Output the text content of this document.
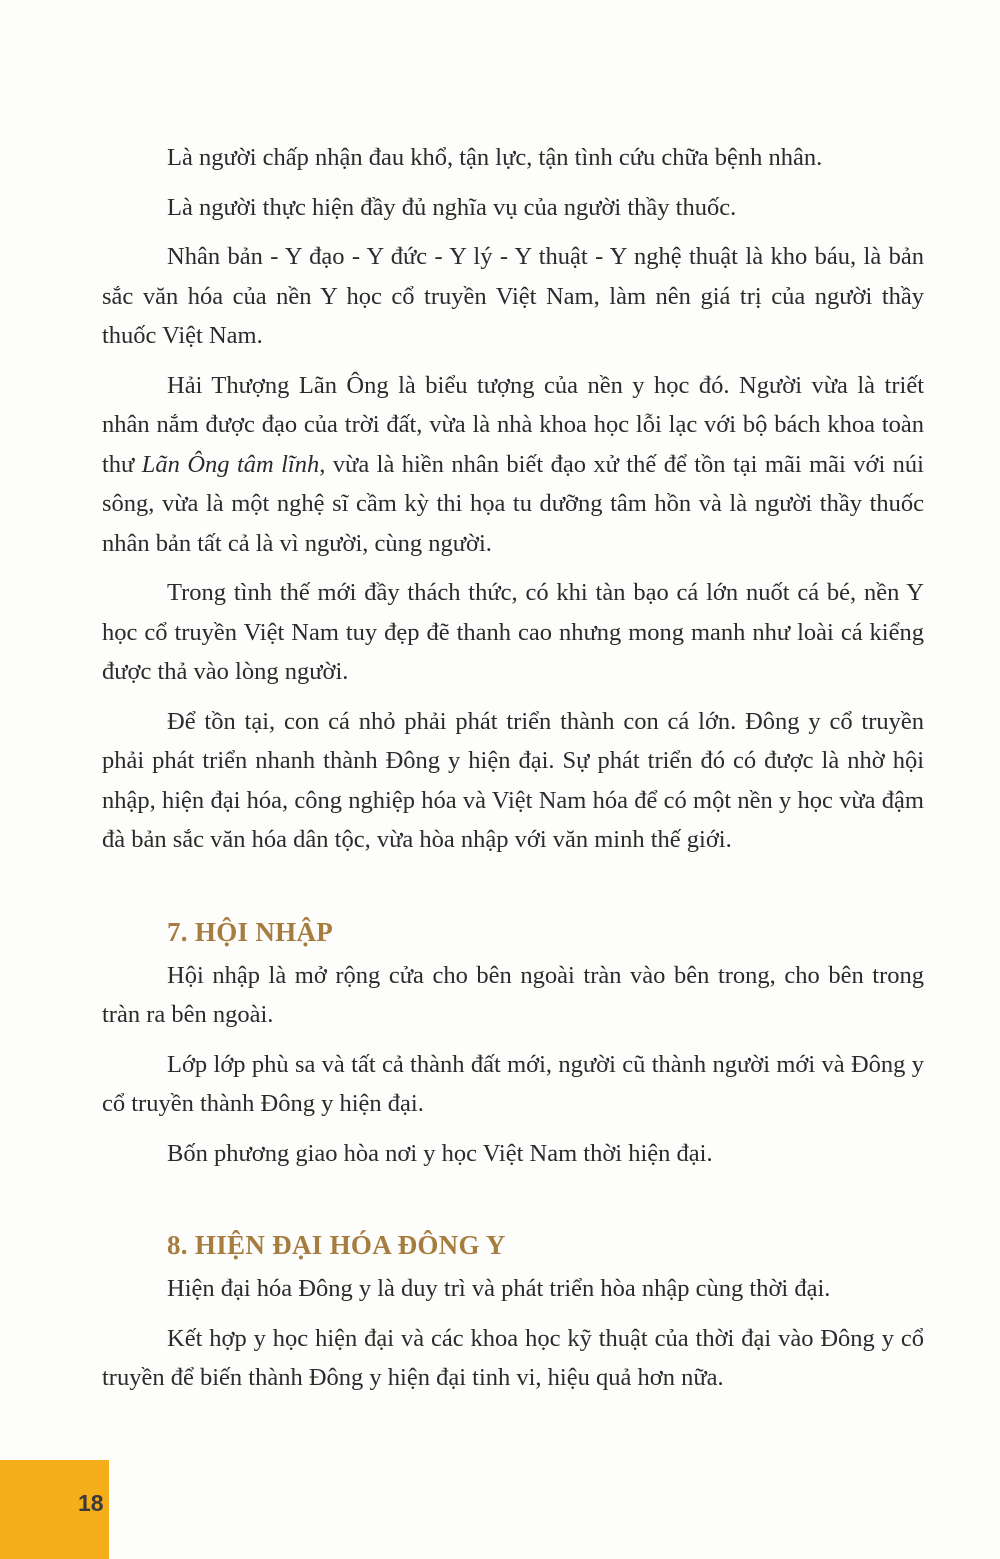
Là người chấp nhận đau khổ, tận lực, tận tình cứu chữa bệnh nhân.

Là người thực hiện đầy đủ nghĩa vụ của người thầy thuốc.

Nhân bản - Y đạo - Y đức - Y lý - Y thuật - Y nghệ thuật là kho báu, là bản sắc văn hóa của nền Y học cổ truyền Việt Nam, làm nên giá trị của người thầy thuốc Việt Nam.

Hải Thượng Lãn Ông là biểu tượng của nền y học đó. Người vừa là triết nhân nắm được đạo của trời đất, vừa là nhà khoa học lỗi lạc với bộ bách khoa toàn thư Lãn Ông tâm lĩnh, vừa là hiền nhân biết đạo xử thế để tồn tại mãi mãi với núi sông, vừa là một nghệ sĩ cầm kỳ thi họa tu dưỡng tâm hồn và là người thầy thuốc nhân bản tất cả là vì người, cùng người.

Trong tình thế mới đầy thách thức, có khi tàn bạo cá lớn nuốt cá bé, nền Y học cổ truyền Việt Nam tuy đẹp đẽ thanh cao nhưng mong manh như loài cá kiểng được thả vào lòng người.

Để tồn tại, con cá nhỏ phải phát triển thành con cá lớn. Đông y cổ truyền phải phát triển nhanh thành Đông y hiện đại. Sự phát triển đó có được là nhờ hội nhập, hiện đại hóa, công nghiệp hóa và Việt Nam hóa để có một nền y học vừa đậm đà bản sắc văn hóa dân tộc, vừa hòa nhập với văn minh thế giới.

7. HỘI NHẬP

Hội nhập là mở rộng cửa cho bên ngoài tràn vào bên trong, cho bên trong tràn ra bên ngoài.

Lớp lớp phù sa và tất cả thành đất mới, người cũ thành người mới và Đông y cổ truyền thành Đông y hiện đại.

Bốn phương giao hòa nơi y học Việt Nam thời hiện đại.

8. HIỆN ĐẠI HÓA ĐÔNG Y

Hiện đại hóa Đông y là duy trì và phát triển hòa nhập cùng thời đại.

Kết hợp y học hiện đại và các khoa học kỹ thuật của thời đại vào Đông y cổ truyền để biến thành Đông y hiện đại tinh vi, hiệu quả hơn nữa.

18
